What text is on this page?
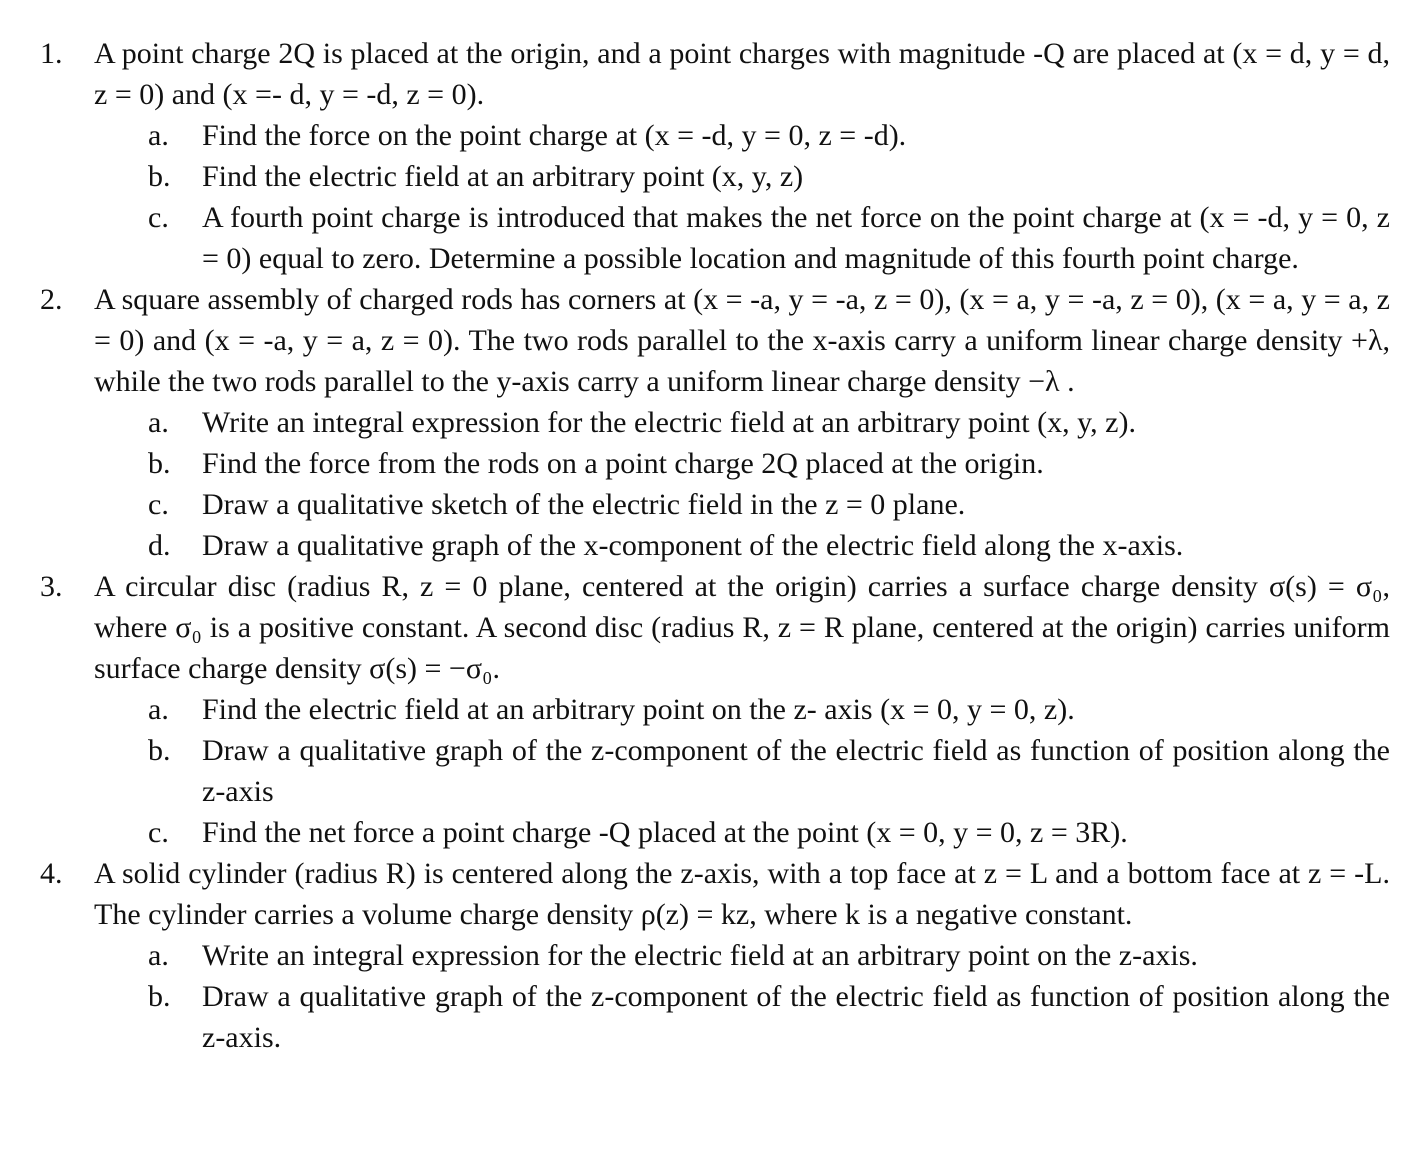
1. A point charge 2Q is placed at the origin, and a point charges with magnitude -Q are placed at (x = d, y = d, z = 0) and (x =- d, y = -d, z = 0).

a. Find the force on the point charge at (x = -d, y = 0, z = -d).

b. Find the electric field at an arbitrary point (x, y, z)

c. A fourth point charge is introduced that makes the net force on the point charge at (x = -d, y = 0, z = 0) equal to zero. Determine a possible location and magnitude of this fourth point charge.

2. A square assembly of charged rods has corners at (x = -a, y = -a, z = 0), (x = a, y = -a, z = 0), (x = a, y = a, z = 0) and (x = -a, y = a, z = 0). The two rods parallel to the x-axis carry a uniform linear charge density +λ, while the two rods parallel to the y-axis carry a uniform linear charge density −λ .

a. Write an integral expression for the electric field at an arbitrary point (x, y, z).

b. Find the force from the rods on a point charge 2Q placed at the origin.

c. Draw a qualitative sketch of the electric field in the z = 0 plane.

d. Draw a qualitative graph of the x-component of the electric field along the x-axis.

3. A circular disc (radius R, z = 0 plane, centered at the origin) carries a surface charge density σ(s) = σ₀, where σ₀ is a positive constant. A second disc (radius R, z = R plane, centered at the origin) carries uniform surface charge density σ(s) = −σ₀.

a. Find the electric field at an arbitrary point on the z- axis (x = 0, y = 0, z).

b. Draw a qualitative graph of the z-component of the electric field as function of position along the z-axis

c. Find the net force a point charge -Q placed at the point (x = 0, y = 0, z = 3R).

4. A solid cylinder (radius R) is centered along the z-axis, with a top face at z = L and a bottom face at z = -L. The cylinder carries a volume charge density ρ(z) = kz, where k is a negative constant.

a. Write an integral expression for the electric field at an arbitrary point on the z-axis.

b. Draw a qualitative graph of the z-component of the electric field as function of position along the z-axis.
